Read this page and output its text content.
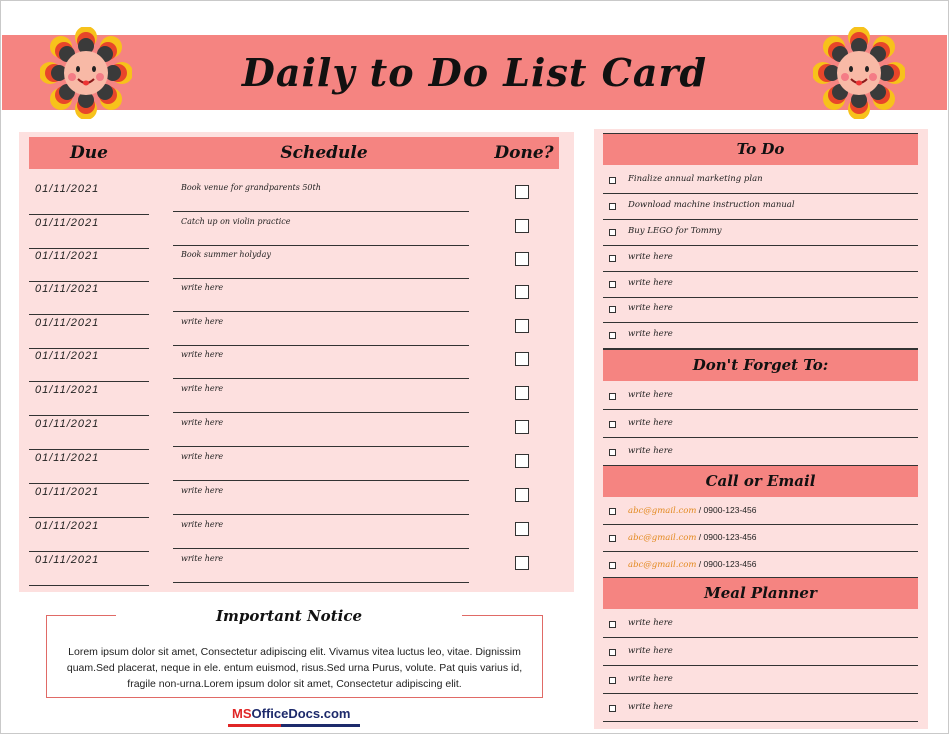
Daily to Do List Card
Due	Schedule	Done?
01/11/2021	Book venue for grandparents 50th
01/11/2021	Catch up on violin practice
01/11/2021	Book summer holyday
01/11/2021	write here
01/11/2021	write here
01/11/2021	write here
01/11/2021	write here
01/11/2021	write here
01/11/2021	write here
01/11/2021	write here
01/11/2021	write here
01/11/2021	write here
Important Notice
Lorem ipsum dolor sit amet, Consectetur adipiscing elit. Vivamus vitea luctus leo, vitae. Dignissim quam.Sed placerat, neque in ele. entum euismod, risus.Sed urna Purus, volute. Pat quis varius id, fragile non-urna.Lorem ipsum dolor sit amet, Consectetur adipiscing elit.
MSOfficeDocs.com
To Do
Finalize annual marketing plan
Download machine instruction manual
Buy LEGO for Tommy
write here
write here
write here
write here
Don't Forget To:
write here
write here
write here
Call or Email
abc@gmail.com / 0900-123-456
abc@gmail.com / 0900-123-456
abc@gmail.com / 0900-123-456
Meal Planner
write here
write here
write here
write here
